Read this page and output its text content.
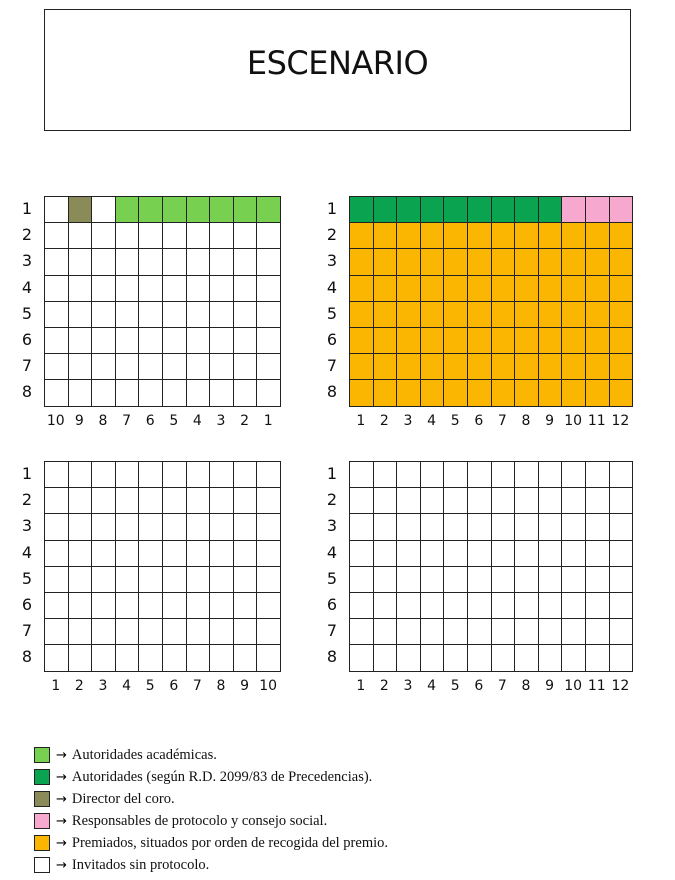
ESCENARIO
1
2
3
4
5
6
7
8
10 9	8	7	6	5	4	3	2	1
1
2
3
4
5
6
7
8
1	2	3	4	5	6	7	8	9 10 11 12
1
2
3
4
5
6
7
8
1	2	3	4	5	6	7	8	9 10
1
2
3
4
5
6
7
8
1	2	3	4	5	6	7	8	9 10 11 12
→ Autoridades académicas.
→ Autoridades (según R.D. 2099/83 de Precedencias).
→ Director del coro.
→ Responsables de protocolo y consejo social.
→ Premiados, situados por orden de recogida del premio.
→ Invitados sin protocolo.
